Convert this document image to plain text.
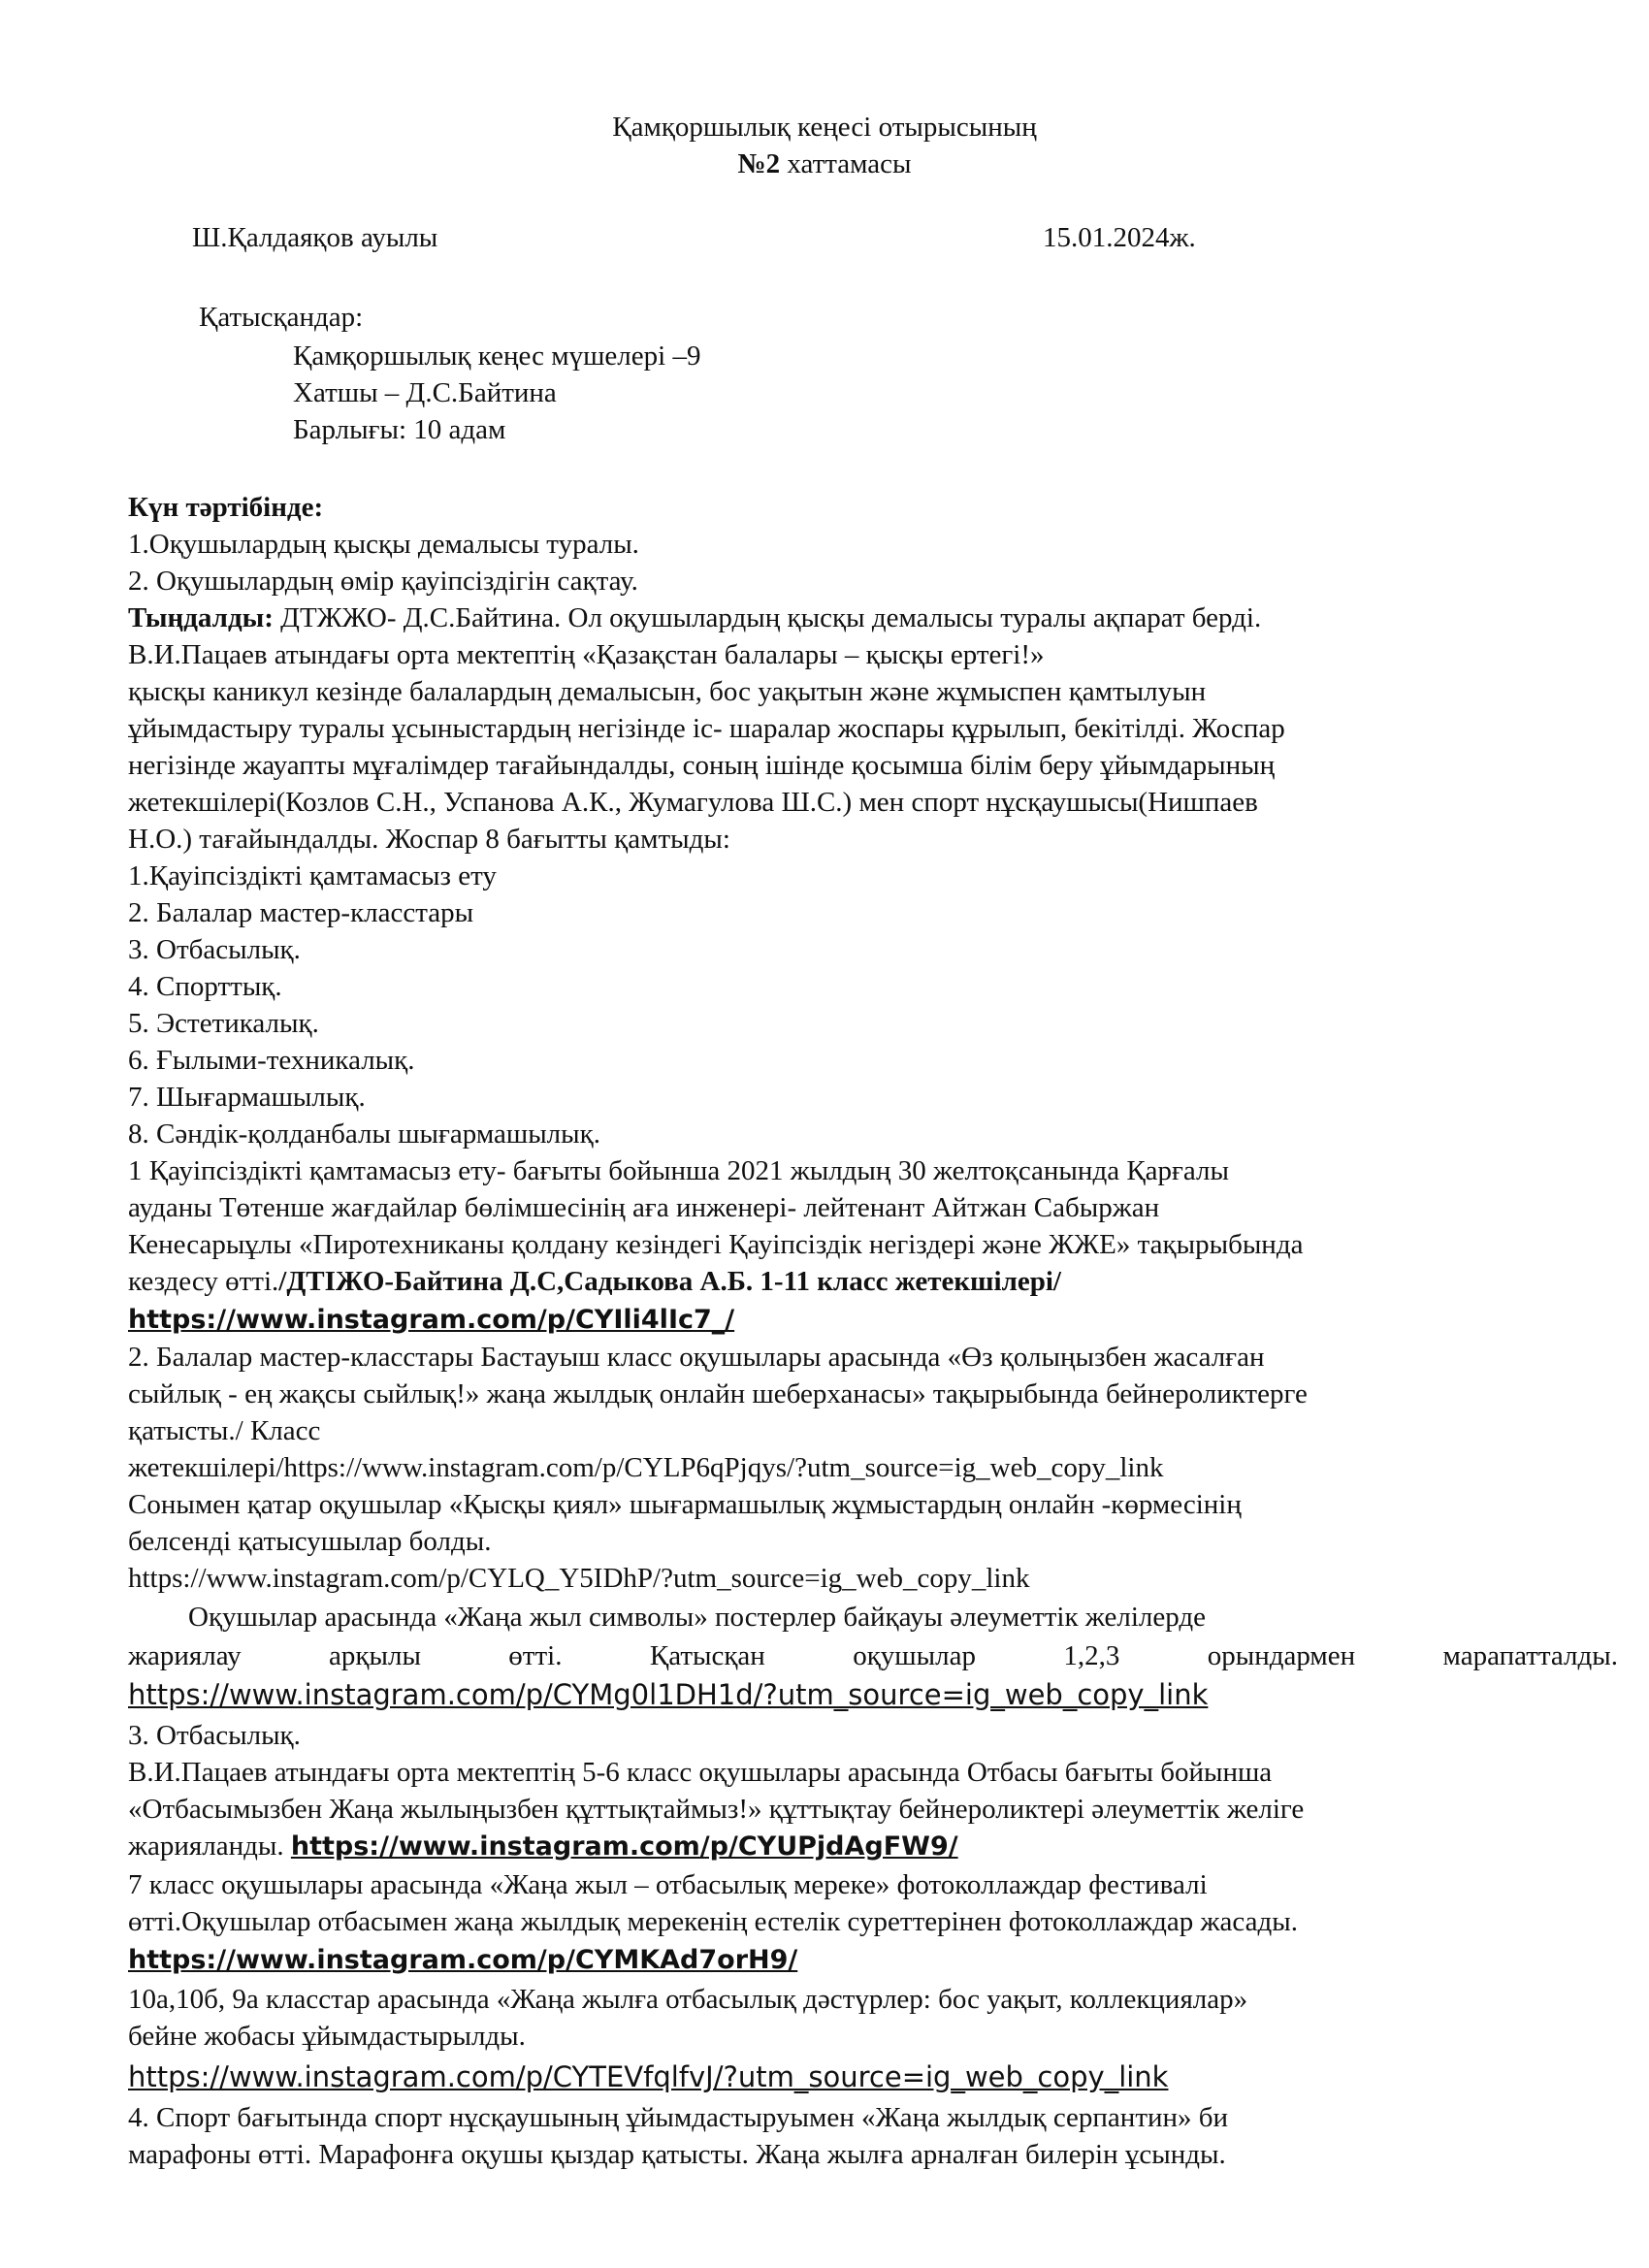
Қамқоршылық кеңесі отырысының
№2 хаттамасы
Ш.Қалдаяқов ауылы	15.01.2024ж.
Қатысқандар:
Қамқоршылық кеңес мүшелері –9
Хатшы – Д.С.Байтина
Барлығы: 10 адам
Күн тәртібінде:
1.Оқушылардың қысқы демалысы туралы.
2. Оқушылардың өмір қауіпсіздігін сақтау.
Тыңдалды: ДТЖЖО- Д.С.Байтина. Ол оқушылардың қысқы демалысы туралы ақпарат берді.
В.И.Пацаев атындағы орта мектептің «Қазақстан балалары – қысқы ертегі!»
қысқы каникул кезінде балалардың демалысын, бос уақытын және жұмыспен қамтылуын
ұйымдастыру туралы ұсыныстардың негізінде іс- шаралар жоспары құрылып, бекітілді. Жоспар
негізінде жауапты мұғалімдер тағайындалды, соның ішінде қосымша білім беру ұйымдарының
жетекшілері(Козлов С.Н., Успанова А.К., Жумагулова Ш.С.) мен спорт нұсқаушысы(Нишпаев
Н.О.) тағайындалды. Жоспар 8 бағытты қамтыды:
1.Қауіпсіздікті қамтамасыз ету
2. Балалар мастер-класстары
3. Отбасылық.
4. Спорттық.
5. Эстетикалық.
6. Ғылыми-техникалық.
7. Шығармашылық.
8. Сәндік-қолданбалы шығармашылық.
1 Қауіпсіздікті қамтамасыз ету- бағыты бойынша 2021 жылдың 30 желтоқсанында Қарғалы
ауданы Төтенше жағдайлар бөлімшесінің аға инженері- лейтенант Айтжан Сабыржан
Кенесарыұлы «Пиротехниканы қолдану кезіндегі Қауіпсіздік негіздері және ЖЖЕ» тақырыбында
кездесу өтті./ДТІЖО-Байтина Д.С,Садыкова А.Б. 1-11 класс жетекшілері/
https://www.instagram.com/p/CYIli4lIc7_/
2. Балалар мастер-класстары Бастауыш класс оқушылары арасында «Өз қолыңызбен жасалған
сыйлық - ең жақсы сыйлық!» жаңа жылдық онлайн шеберханасы» тақырыбында бейнероликтерге
қатысты./ Класс
жетекшілері/https://www.instagram.com/p/CYLP6qPjqys/?utm_source=ig_web_copy_link
Сонымен қатар оқушылар «Қысқы қиял» шығармашылық жұмыстардың онлайн -көрмесінің
белсенді қатысушылар болды.
https://www.instagram.com/p/CYLQ_Y5IDhP/?utm_source=ig_web_copy_link
Оқушылар арасында «Жаңа жыл символы» постерлер байқауы әлеуметтік желілерде
жариялау арқылы өтті. Қатысқан оқушылар 1,2,3 орындармен марапатталды.
https://www.instagram.com/p/CYMg0l1DH1d/?utm_source=ig_web_copy_link
3. Отбасылық.
В.И.Пацаев атындағы орта мектептің 5-6 класс оқушылары арасында Отбасы бағыты бойынша
«Отбасымызбен Жаңа жылыңызбен құттықтаймыз!» құттықтау бейнероликтері әлеуметтік желіге
жарияланды. https://www.instagram.com/p/CYUPjdAgFW9/
7 класс оқушылары арасында «Жаңа жыл – отбасылық мереке» фотоколлаждар фестивалі
өтті.Оқушылар отбасымен жаңа жылдық мерекенің естелік суреттерінен фотоколлаждар жасады.
https://www.instagram.com/p/CYMKAd7orH9/
10а,10б, 9а класстар арасында «Жаңа жылға отбасылық дәстүрлер: бос уақыт, коллекциялар»
бейне жобасы ұйымдастырылды.
https://www.instagram.com/p/CYTEVfqlfvJ/?utm_source=ig_web_copy_link
4. Спорт бағытында спорт нұсқаушының ұйымдастыруымен «Жаңа жылдық серпантин» би
марафоны өтті. Марафонға оқушы қыздар қатысты. Жаңа жылға арналған билерін ұсынды.
